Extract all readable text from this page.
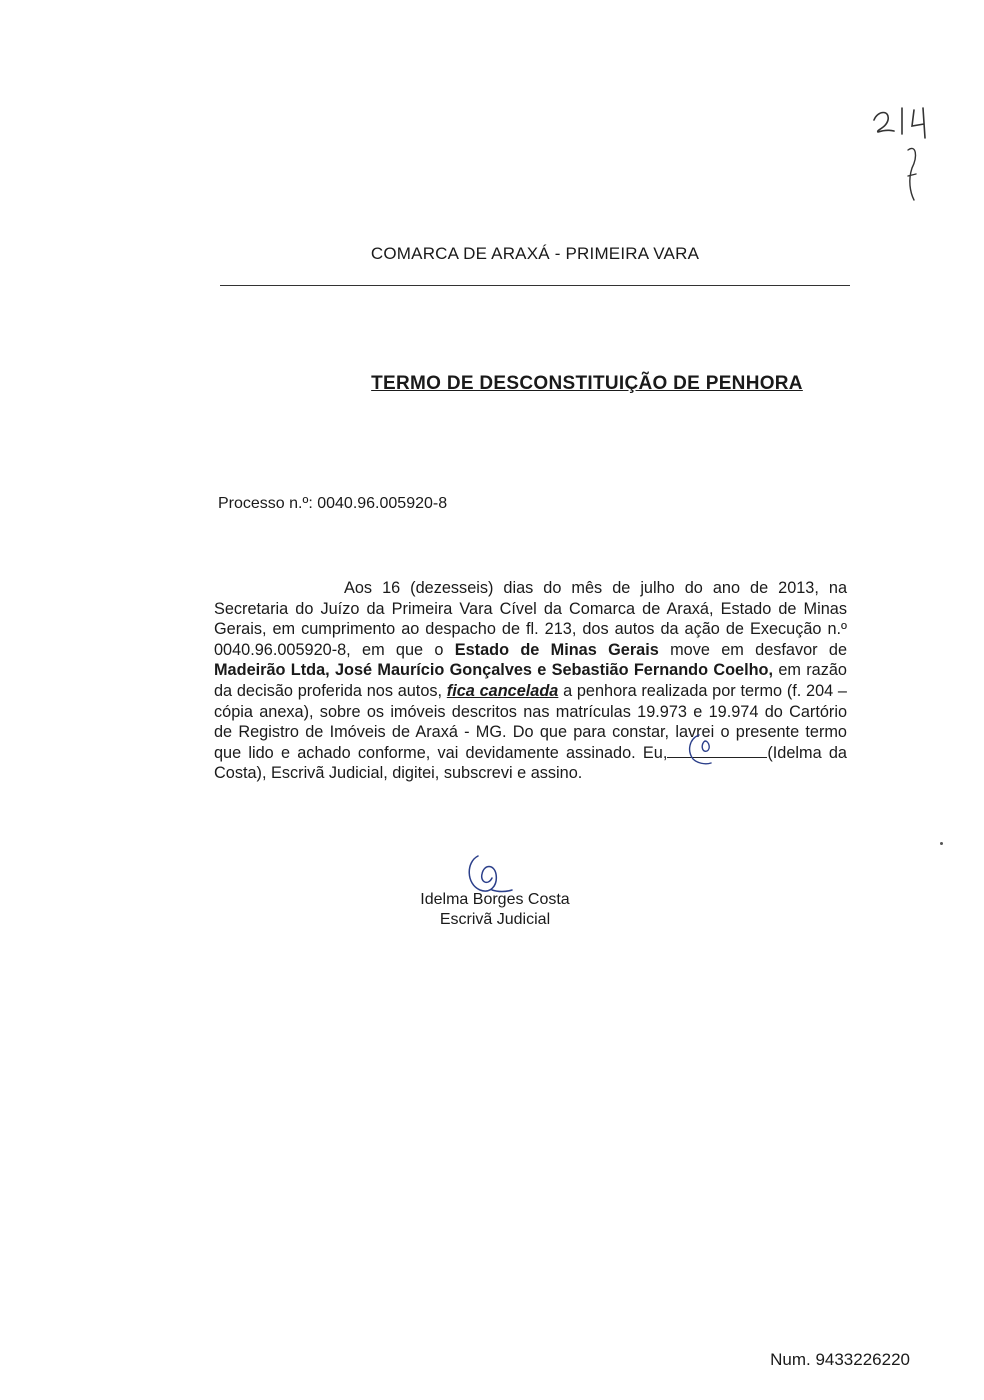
COMARCA DE ARAXÁ - PRIMEIRA VARA
TERMO DE DESCONSTITUIÇÃO DE PENHORA
Processo n.º: 0040.96.005920-8
Aos 16 (dezesseis) dias do mês de julho do ano de 2013, na Secretaria do Juízo da Primeira Vara Cível da Comarca de Araxá, Estado de Minas Gerais, em cumprimento ao despacho de fl. 213, dos autos da ação de Execução n.º 0040.96.005920-8, em que o Estado de Minas Gerais move em desfavor de Madeirão Ltda, José Maurício Gonçalves e Sebastião Fernando Coelho, em razão da decisão proferida nos autos, fica cancelada a penhora realizada por termo (f. 204 – cópia anexa), sobre os imóveis descritos nas matrículas 19.973 e 19.974 do Cartório de Registro de Imóveis de Araxá - MG. Do que para constar, lavrei o presente termo que lido e achado conforme, vai devidamente assinado. Eu,	(Idelma da Costa), Escrivã Judicial, digitei, subscrevi e assino.
Idelma Borges Costa
Escrivã Judicial
Num. 9433226220
